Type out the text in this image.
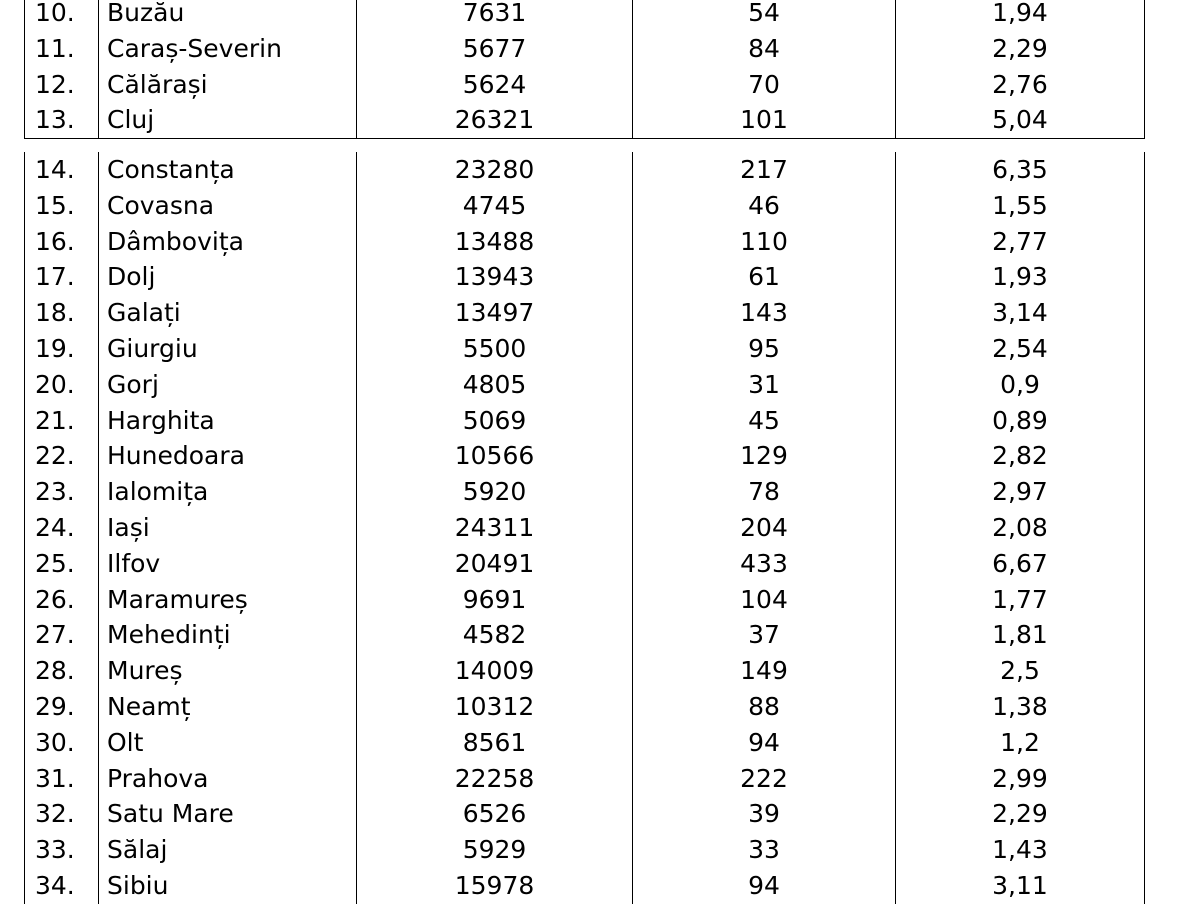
10.	Buzău	7631	54	1,94
11.	Caraș-Severin	5677	84	2,29
12.	Călărași	5624	70	2,76
13.	Cluj	26321	101	5,04
14.	Constanța	23280	217	6,35
15.	Covasna	4745	46	1,55
16.	Dâmbovița	13488	110	2,77
17.	Dolj	13943	61	1,93
18.	Galați	13497	143	3,14
19.	Giurgiu	5500	95	2,54
20.	Gorj	4805	31	0,9
21.	Harghita	5069	45	0,89
22.	Hunedoara	10566	129	2,82
23.	Ialomița	5920	78	2,97
24.	Iași	24311	204	2,08
25.	Ilfov	20491	433	6,67
26.	Maramureș	9691	104	1,77
27.	Mehedinți	4582	37	1,81
28.	Mureș	14009	149	2,5
29.	Neamț	10312	88	1,38
30.	Olt	8561	94	1,2
31.	Prahova	22258	222	2,99
32.	Satu Mare	6526	39	2,29
33.	Sălaj	5929	33	1,43
34.	Sibiu	15978	94	3,11
